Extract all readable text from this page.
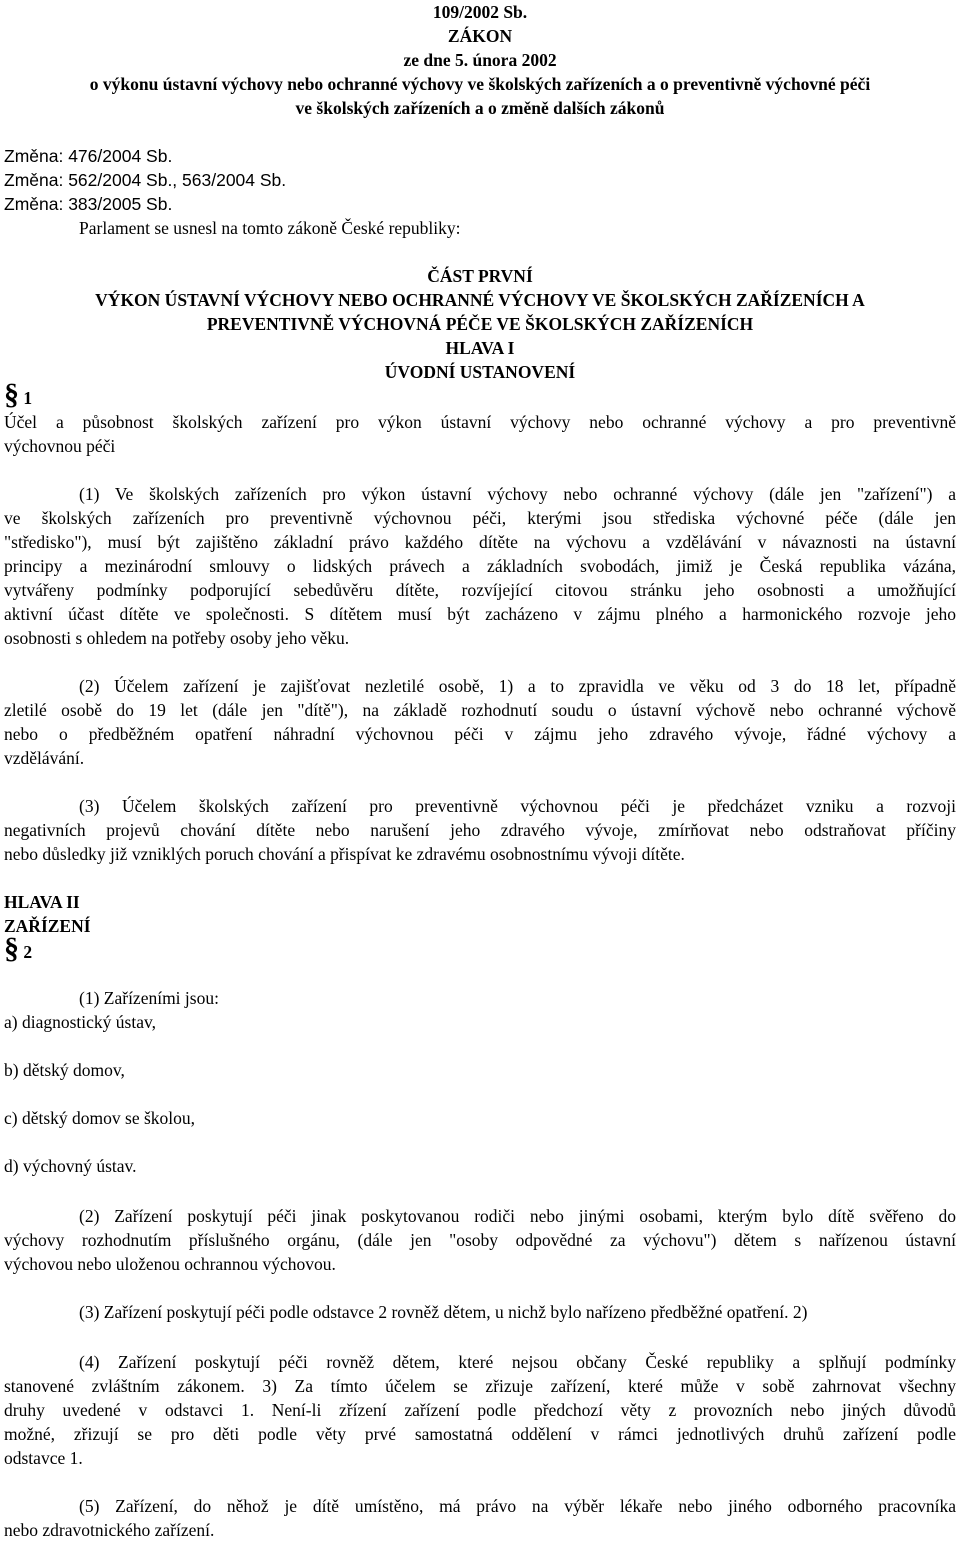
109/2002 Sb.
ZÁKON
ze dne 5. února 2002
o výkonu ústavní výchovy nebo ochranné výchovy ve školských zařízeních a o preventivně výchovné péči
ve školských zařízeních a o změně dalších zákonů
Změna: 476/2004 Sb.
Změna: 562/2004 Sb., 563/2004 Sb.
Změna: 383/2005 Sb.
Parlament se usnesl na tomto zákoně České republiky:
ČÁST PRVNÍ
VÝKON ÚSTAVNÍ VÝCHOVY NEBO OCHRANNÉ VÝCHOVY VE ŠKOLSKÝCH ZAŘÍZENÍCH A
PREVENTIVNĚ VÝCHOVNÁ PÉČE VE ŠKOLSKÝCH ZAŘÍZENÍCH
HLAVA I
ÚVODNÍ USTANOVENÍ
§ 1
Účel a působnost školských zařízení pro výkon ústavní výchovy nebo ochranné výchovy a pro preventivně
výchovnou péči
(1) Ve školských zařízeních pro výkon ústavní výchovy nebo ochranné výchovy (dále jen "zařízení") a
ve školských zařízeních pro preventivně výchovnou péči, kterými jsou střediska výchovné péče (dále jen
"středisko"), musí být zajištěno základní právo každého dítěte na výchovu a vzdělávání v návaznosti na ústavní
principy a mezinárodní smlouvy o lidských právech a základních svobodách, jimiž je Česká republika vázána,
vytvářeny podmínky podporující sebedůvěru dítěte, rozvíjející citovou stránku jeho osobnosti a umožňující
aktivní účast dítěte ve společnosti. S dítětem musí být zacházeno v zájmu plného a harmonického rozvoje jeho
osobnosti s ohledem na potřeby osoby jeho věku.
(2) Účelem zařízení je zajišťovat nezletilé osobě, 1) a to zpravidla ve věku od 3 do 18 let, případně
zletilé osobě do 19 let (dále jen "dítě"), na základě rozhodnutí soudu o ústavní výchově nebo ochranné výchově
nebo o předběžném opatření náhradní výchovnou péči v zájmu jeho zdravého vývoje, řádné výchovy a
vzdělávání.
(3) Účelem školských zařízení pro preventivně výchovnou péči je předcházet vzniku a rozvoji
negativních projevů chování dítěte nebo narušení jeho zdravého vývoje, zmírňovat nebo odstraňovat příčiny
nebo důsledky již vzniklých poruch chování a přispívat ke zdravému osobnostnímu vývoji dítěte.
HLAVA II
ZAŘÍZENÍ
§ 2
(1) Zařízeními jsou:
a) diagnostický ústav,
b) dětský domov,
c) dětský domov se školou,
d) výchovný ústav.
(2) Zařízení poskytují péči jinak poskytovanou rodiči nebo jinými osobami, kterým bylo dítě svěřeno do
výchovy rozhodnutím příslušného orgánu, (dále jen "osoby odpovědné za výchovu") dětem s nařízenou ústavní
výchovou nebo uloženou ochrannou výchovou.
(3) Zařízení poskytují péči podle odstavce 2 rovněž dětem, u nichž bylo nařízeno předběžné opatření. 2)
(4) Zařízení poskytují péči rovněž dětem, které nejsou občany České republiky a splňují podmínky
stanovené zvláštním zákonem. 3) Za tímto účelem se zřizuje zařízení, které může v sobě zahrnovat všechny
druhy uvedené v odstavci 1. Není-li zřízení zařízení podle předchozí věty z provozních nebo jiných důvodů
možné, zřizují se pro děti podle věty prvé samostatná oddělení v rámci jednotlivých druhů zařízení podle
odstavce 1.
(5) Zařízení, do něhož je dítě umístěno, má právo na výběr lékaře nebo jiného odborného pracovníka
nebo zdravotnického zařízení.
